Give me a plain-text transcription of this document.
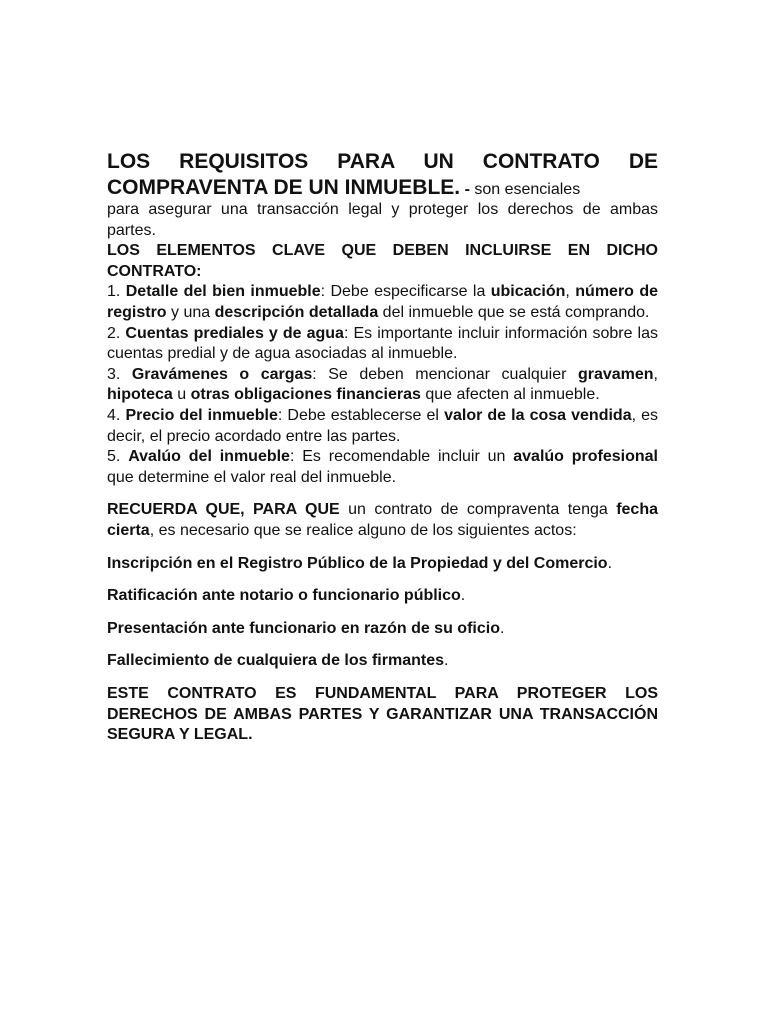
LOS REQUISITOS PARA UN CONTRATO DE
COMPRAVENTA DE UN INMUEBLE. - son esenciales

para asegurar una transacción legal y proteger los derechos de ambas partes.

LOS ELEMENTOS CLAVE QUE DEBEN INCLUIRSE EN DICHO CONTRATO:

1. Detalle del bien inmueble: Debe especificarse la ubicación, número de registro y una descripción detallada del inmueble que se está comprando.

2. Cuentas prediales y de agua: Es importante incluir información sobre las cuentas predial y de agua asociadas al inmueble.

3. Gravámenes o cargas: Se deben mencionar cualquier gravamen, hipoteca u otras obligaciones financieras que afecten al inmueble.

4. Precio del inmueble: Debe establecerse el valor de la cosa vendida, es decir, el precio acordado entre las partes.

5. Avalúo del inmueble: Es recomendable incluir un avalúo profesional que determine el valor real del inmueble.

RECUERDA QUE, PARA QUE un contrato de compraventa tenga fecha cierta, es necesario que se realice alguno de los siguientes actos:

Inscripción en el Registro Público de la Propiedad y del Comercio.

Ratificación ante notario o funcionario público.

Presentación ante funcionario en razón de su oficio.

Fallecimiento de cualquiera de los firmantes.

ESTE CONTRATO ES FUNDAMENTAL PARA PROTEGER LOS DERECHOS DE AMBAS PARTES Y GARANTIZAR UNA TRANSACCIÓN SEGURA Y LEGAL.
